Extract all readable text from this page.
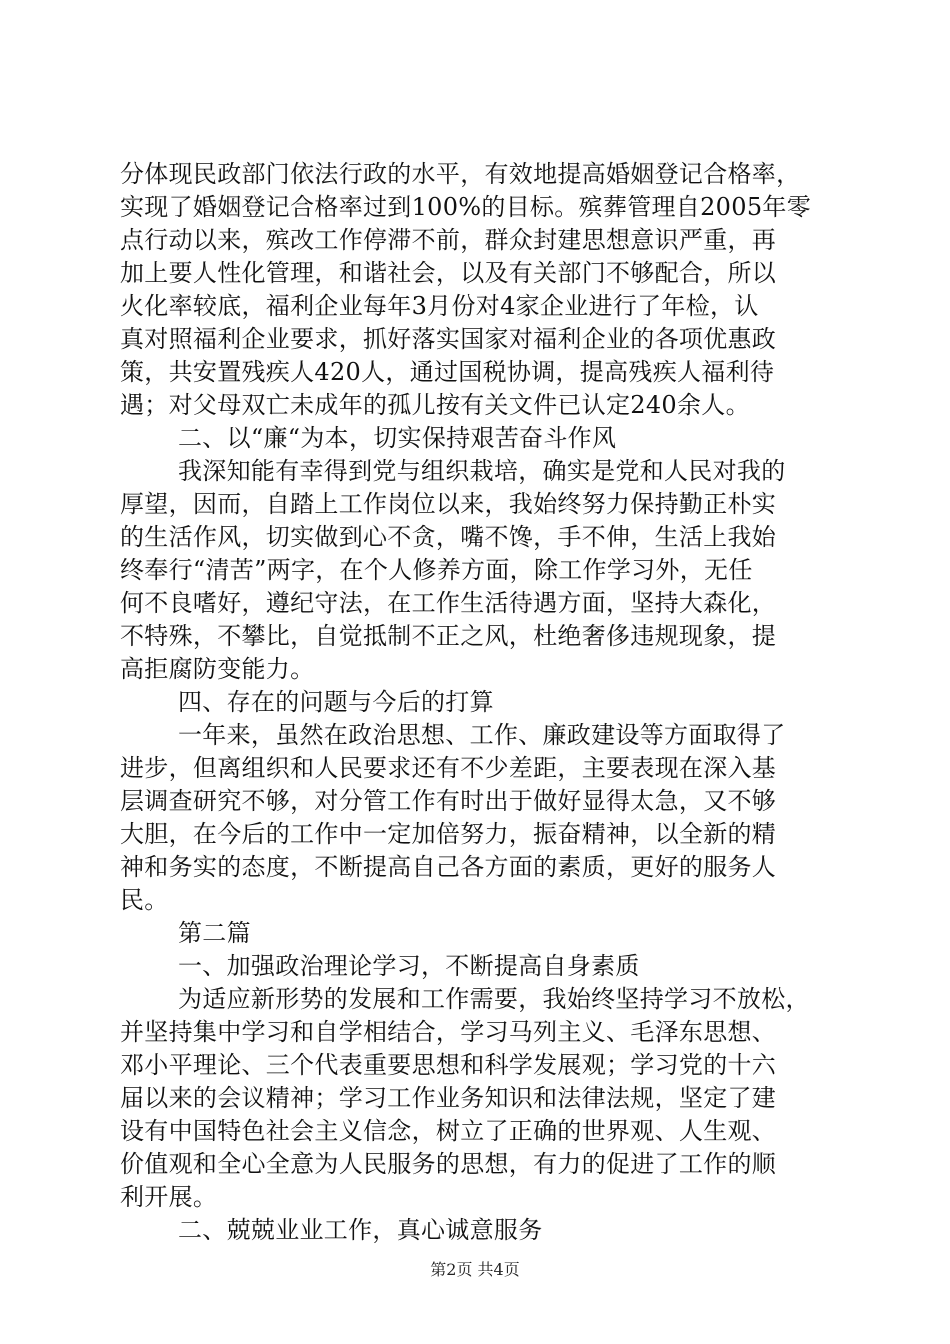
分体现民政部门依法行政的水平，有效地提高婚姻登记合格率，
实现了婚姻登记合格率过到100%的目标。殡葬管理自2005年零
点行动以来，殡改工作停滞不前，群众封建思想意识严重，再
加上要人性化管理，和谐社会，以及有关部门不够配合，所以
火化率较底，福利企业每年3月份对4家企业进行了年检，认
真对照福利企业要求，抓好落实国家对福利企业的各项优惠政
策，共安置残疾人420人，通过国税协调，提高残疾人福利待
遇；对父母双亡未成年的孤儿按有关文件已认定240余人。
二、以“廉“为本，切实保持艰苦奋斗作风
我深知能有幸得到党与组织栽培，确实是党和人民对我的
厚望，因而，自踏上工作岗位以来，我始终努力保持勤正朴实
的生活作风，切实做到心不贪，嘴不馋，手不伸，生活上我始
终奉行“清苦”两字，在个人修养方面，除工作学习外，无任
何不良嗜好，遵纪守法，在工作生活待遇方面，坚持大森化，
不特殊，不攀比，自觉抵制不正之风，杜绝奢侈违规现象，提
高拒腐防变能力。
四、存在的问题与今后的打算
一年来，虽然在政治思想、工作、廉政建设等方面取得了
进步，但离组织和人民要求还有不少差距，主要表现在深入基
层调查研究不够，对分管工作有时出于做好显得太急，又不够
大胆，在今后的工作中一定加倍努力，振奋精神，以全新的精
神和务实的态度，不断提高自己各方面的素质，更好的服务人
民。
第二篇
一、加强政治理论学习，不断提高自身素质
为适应新形势的发展和工作需要，我始终坚持学习不放松，
并坚持集中学习和自学相结合，学习马列主义、毛泽东思想、
邓小平理论、三个代表重要思想和科学发展观；学习党的十六
届以来的会议精神；学习工作业务知识和法律法规，坚定了建
设有中国特色社会主义信念，树立了正确的世界观、人生观、
价值观和全心全意为人民服务的思想，有力的促进了工作的顺
利开展。
二、兢兢业业工作，真心诚意服务
第2页 共4页
